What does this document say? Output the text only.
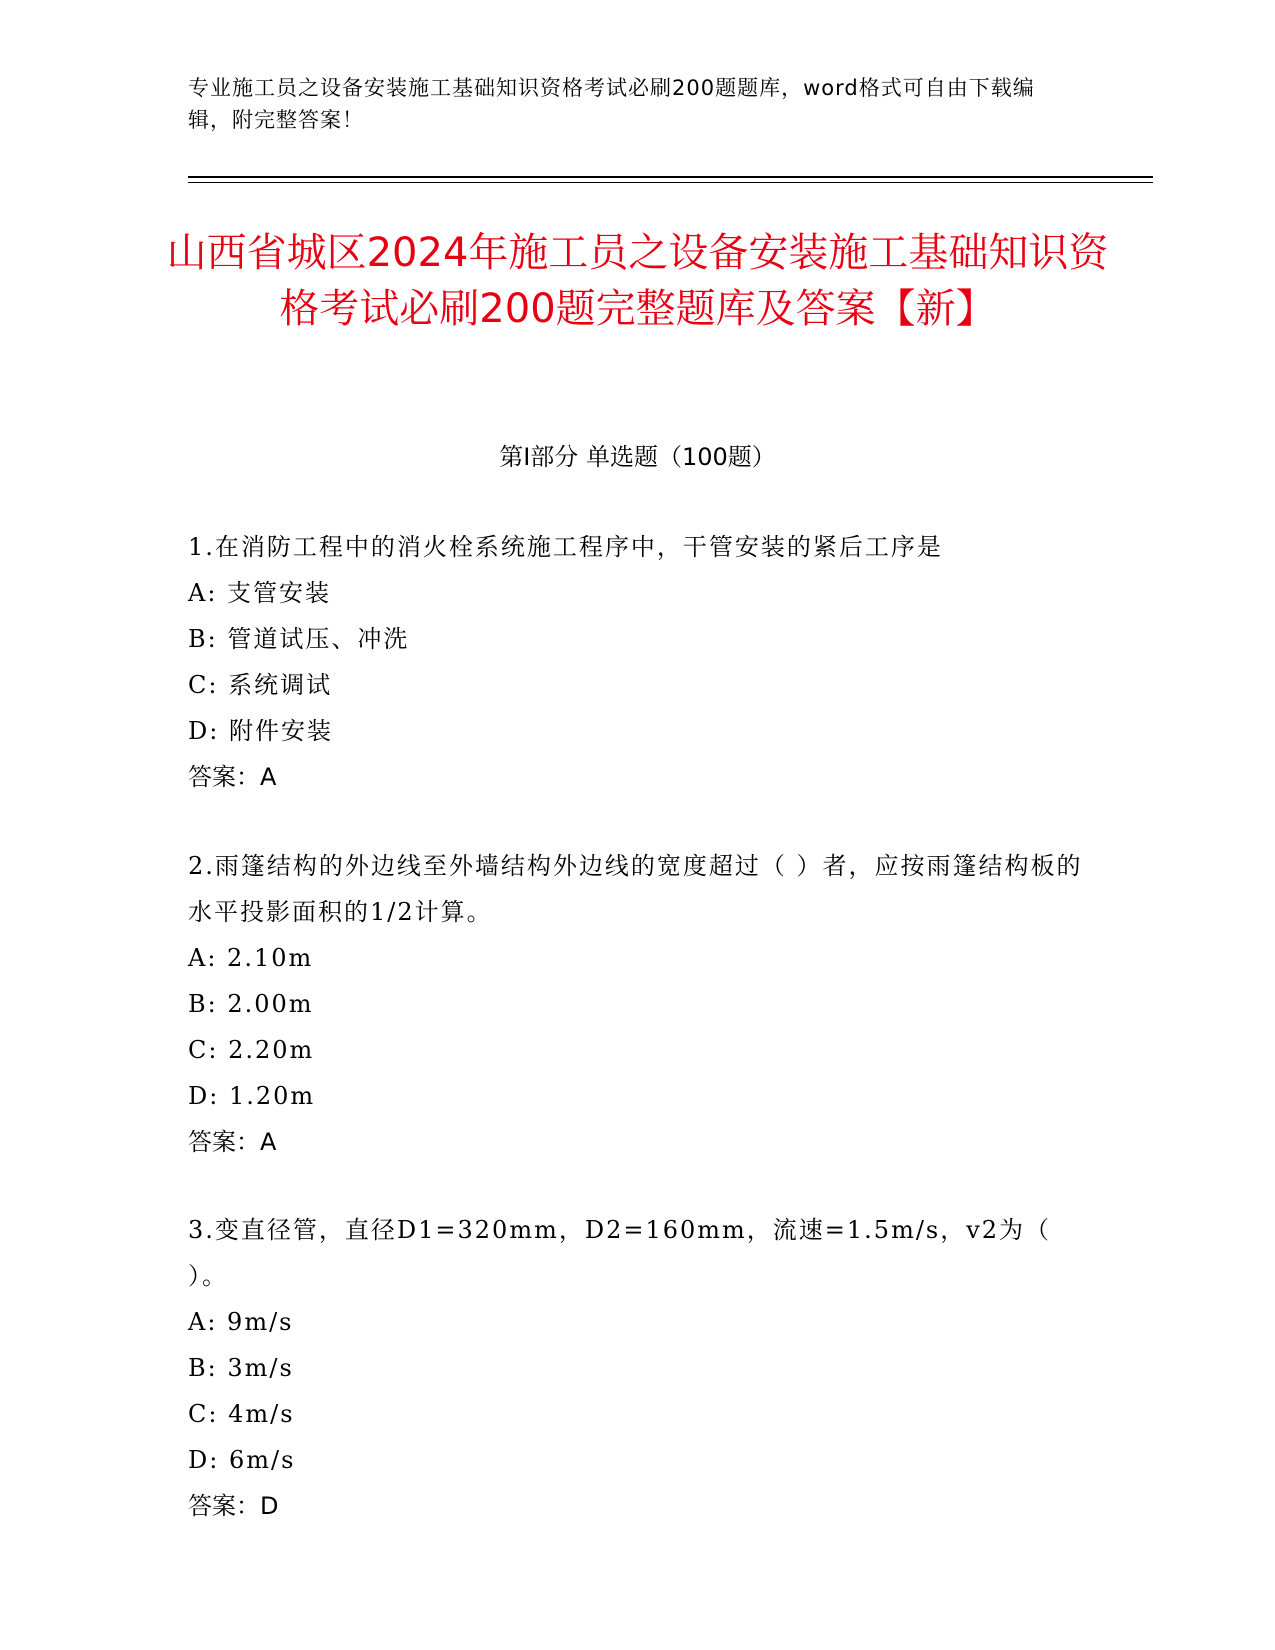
专业施工员之设备安装施工基础知识资格考试必刷200题题库，word格式可自由下载编辑，附完整答案！
山西省城区2024年施工员之设备安装施工基础知识资格考试必刷200题完整题库及答案【新】
第I部分 单选题（100题）

1.在消防工程中的消火栓系统施工程序中，干管安装的紧后工序是

A: 支管安装

B: 管道试压、冲洗

C: 系统调试

D: 附件安装

答案：A

2.雨篷结构的外边线至外墙结构外边线的宽度超过（ ）者，应按雨篷结构板的水平投影面积的1/2计算。

A: 2.10m

B: 2.00m

C: 2.20m

D: 1.20m

答案：A

3.变直径管，直径D1=320mm，D2=160mm，流速=1.5m/s，v2为（ ）。

A: 9m/s

B: 3m/s

C: 4m/s

D: 6m/s

答案：D
